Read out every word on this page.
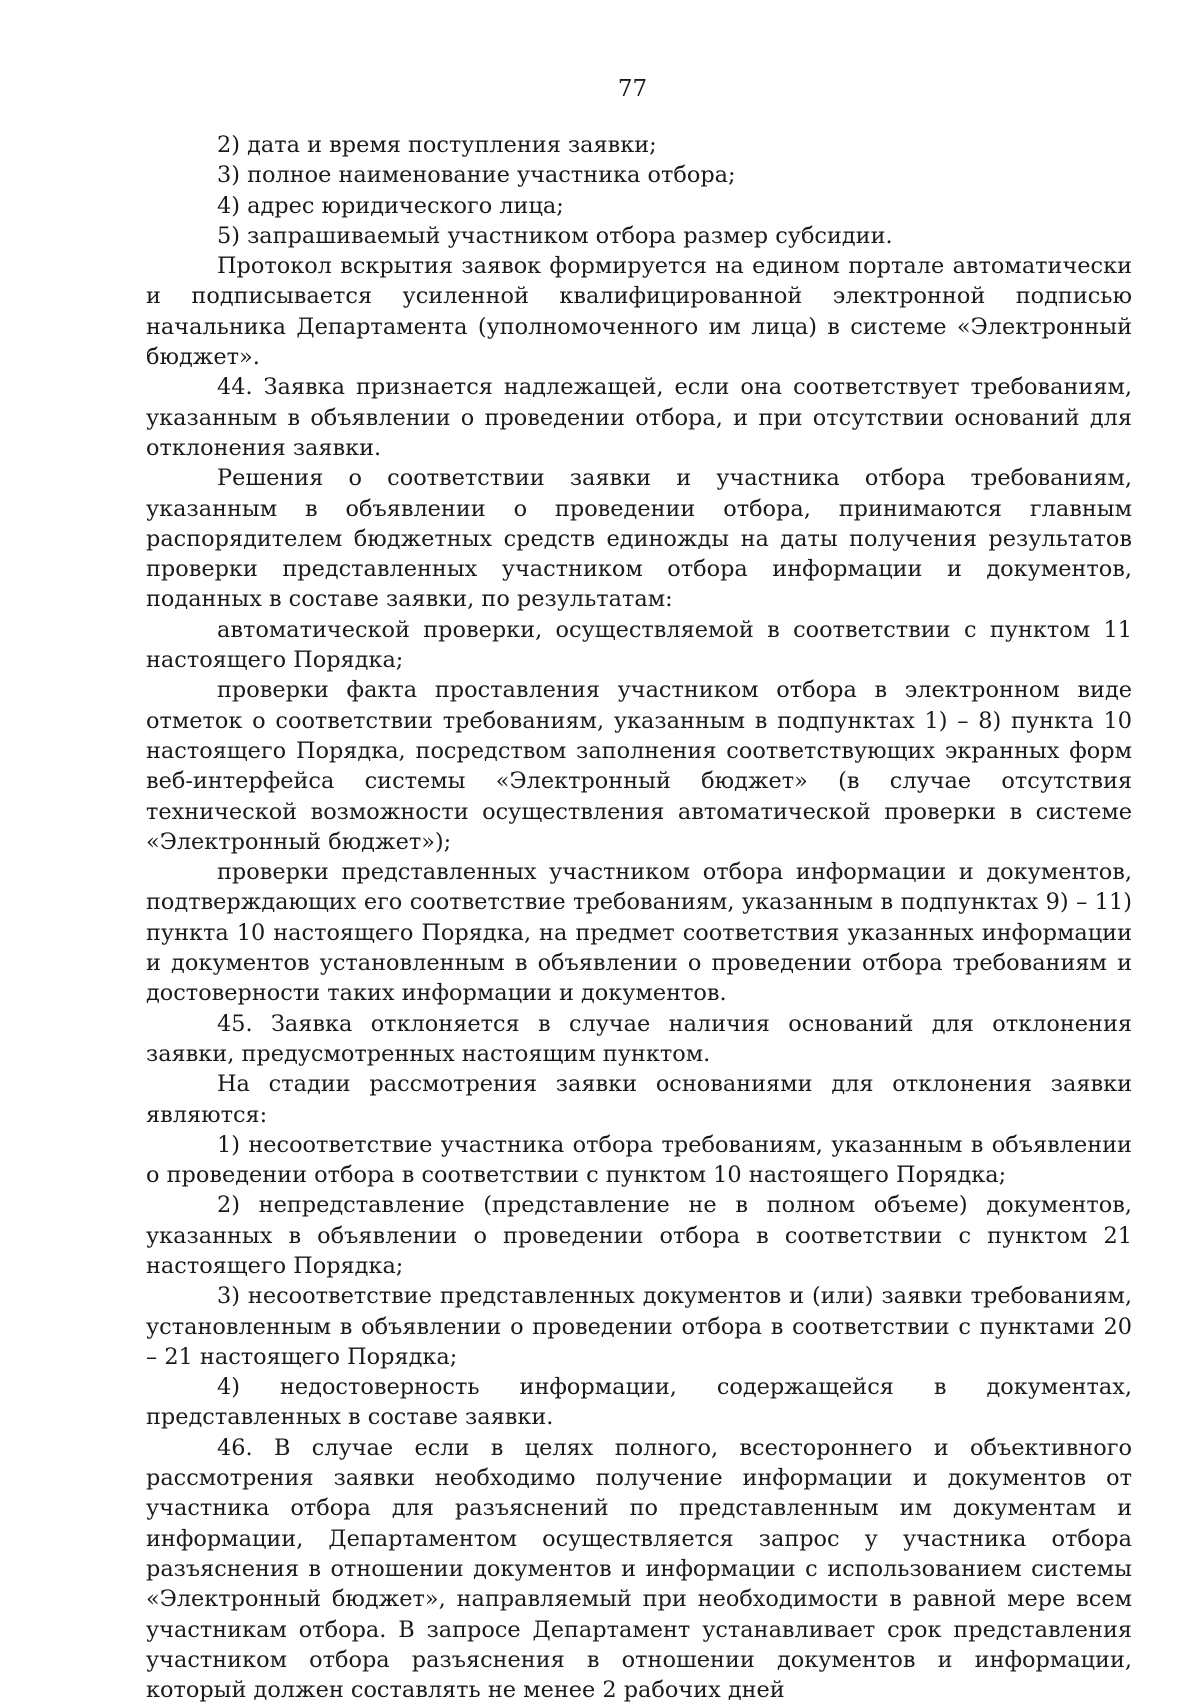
77

2) дата и время поступления заявки;

3) полное наименование участника отбора;

4) адрес юридического лица;

5) запрашиваемый участником отбора размер субсидии.

Протокол вскрытия заявок формируется на едином портале автоматически и подписывается усиленной квалифицированной электронной подписью начальника Департамента (уполномоченного им лица) в системе «Электронный бюджет».

44. Заявка признается надлежащей, если она соответствует требованиям, указанным в объявлении о проведении отбора, и при отсутствии оснований для отклонения заявки.

Решения о соответствии заявки и участника отбора требованиям, указанным в объявлении о проведении отбора, принимаются главным распорядителем бюджетных средств единожды на даты получения результатов проверки представленных участником отбора информации и документов, поданных в составе заявки, по результатам:

автоматической проверки, осуществляемой в соответствии с пунктом 11 настоящего Порядка;

проверки факта проставления участником отбора в электронном виде отметок о соответствии требованиям, указанным в подпунктах 1) – 8) пункта 10 настоящего Порядка, посредством заполнения соответствующих экранных форм веб-интерфейса системы «Электронный бюджет» (в случае отсутствия технической возможности осуществления автоматической проверки в системе «Электронный бюджет»);

проверки представленных участником отбора информации и документов, подтверждающих его соответствие требованиям, указанным в подпунктах 9) – 11) пункта 10 настоящего Порядка, на предмет соответствия указанных информации и документов установленным в объявлении о проведении отбора требованиям и достоверности таких информации и документов.

45. Заявка отклоняется в случае наличия оснований для отклонения заявки, предусмотренных настоящим пунктом.

На стадии рассмотрения заявки основаниями для отклонения заявки являются:

1) несоответствие участника отбора требованиям, указанным в объявлении о проведении отбора в соответствии с пунктом 10 настоящего Порядка;

2) непредставление (представление не в полном объеме) документов, указанных в объявлении о проведении отбора в соответствии с пунктом 21 настоящего Порядка;

3) несоответствие представленных документов и (или) заявки требованиям, установленным в объявлении о проведении отбора в соответствии с пунктами 20 – 21 настоящего Порядка;

4) недостоверность информации, содержащейся в документах, представленных в составе заявки.

46. В случае если в целях полного, всестороннего и объективного рассмотрения заявки необходимо получение информации и документов от участника отбора для разъяснений по представленным им документам и информации, Департаментом осуществляется запрос у участника отбора разъяснения в отношении документов и информации с использованием системы «Электронный бюджет», направляемый при необходимости в равной мере всем участникам отбора. В запросе Департамент устанавливает срок представления участником отбора разъяснения в отношении документов и информации, который должен составлять не менее 2 рабочих дней
